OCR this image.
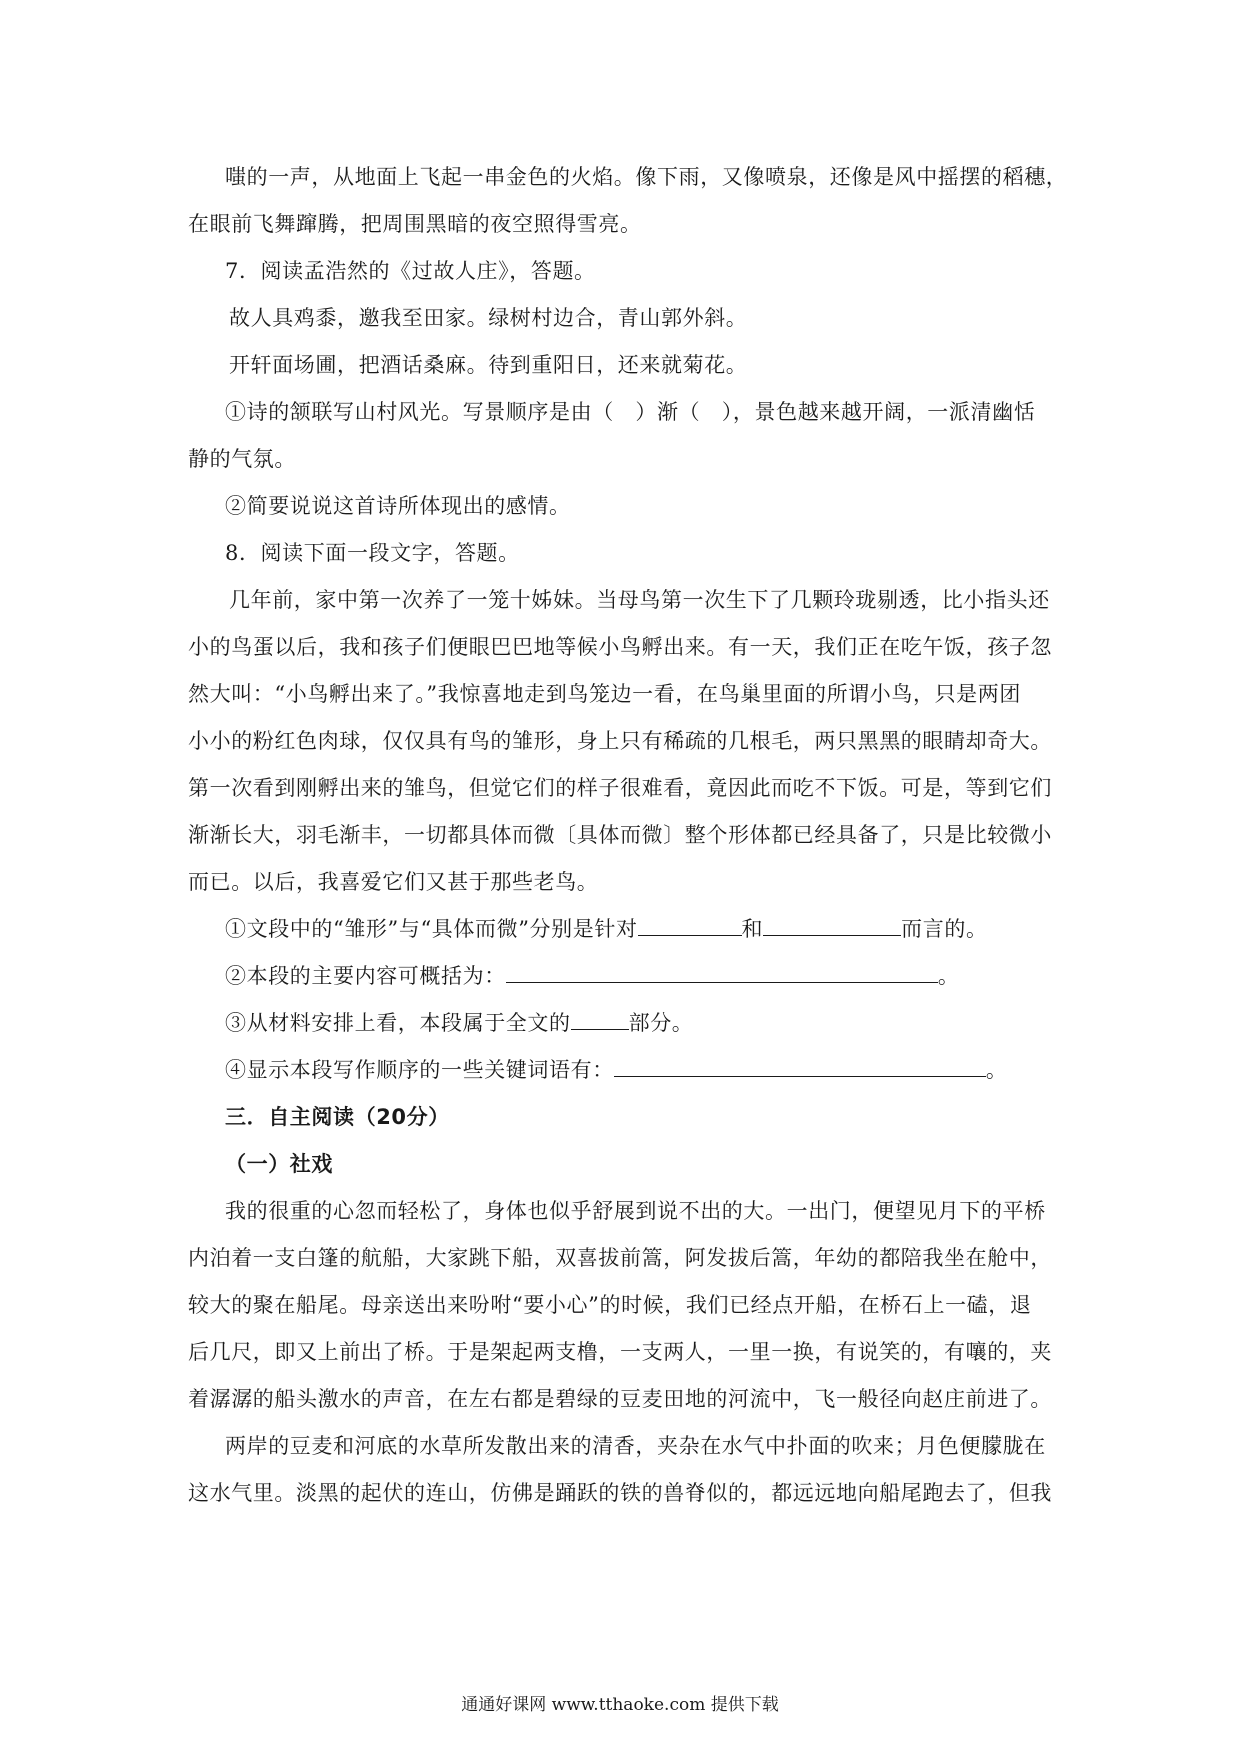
嗤的一声，从地面上飞起一串金色的火焰。像下雨，又像喷泉，还像是风中摇摆的稻穗，
在眼前飞舞蹿腾，把周围黑暗的夜空照得雪亮。
7．阅读孟浩然的《过故人庄》，答题。
故人具鸡黍，邀我至田家。绿树村边合，青山郭外斜。
开轩面场圃，把酒话桑麻。待到重阳日，还来就菊花。
①诗的颔联写山村风光。写景顺序是由（　）渐（　），景色越来越开阔，一派清幽恬
静的气氛。
②简要说说这首诗所体现出的感情。
8．阅读下面一段文字，答题。
几年前，家中第一次养了一笼十姊妹。当母鸟第一次生下了几颗玲珑剔透，比小指头还
小的鸟蛋以后，我和孩子们便眼巴巴地等候小鸟孵出来。有一天，我们正在吃午饭，孩子忽
然大叫：“小鸟孵出来了。”我惊喜地走到鸟笼边一看，在鸟巢里面的所谓小鸟，只是两团
小小的粉红色肉球，仅仅具有鸟的雏形，身上只有稀疏的几根毛，两只黑黑的眼睛却奇大。
第一次看到刚孵出来的雏鸟，但觉它们的样子很难看，竟因此而吃不下饭。可是，等到它们
渐渐长大，羽毛渐丰，一切都具体而微〔具体而微〕整个形体都已经具备了，只是比较微小
而已。以后，我喜爱它们又甚于那些老鸟。
①文段中的“雏形”与“具体而微”分别是针对	和	而言的。
②本段的主要内容可概括为：	。
③从材料安排上看，本段属于全文的	部分。
④显示本段写作顺序的一些关键词语有：	。
三．自主阅读（20分）
（一）社戏
我的很重的心忽而轻松了，身体也似乎舒展到说不出的大。一出门，便望见月下的平桥
内泊着一支白篷的航船，大家跳下船，双喜拔前篙，阿发拔后篙，年幼的都陪我坐在舱中，
较大的聚在船尾。母亲送出来吩咐“要小心”的时候，我们已经点开船，在桥石上一磕，退
后几尺，即又上前出了桥。于是架起两支橹，一支两人，一里一换，有说笑的，有嚷的，夹
着潺潺的船头激水的声音，在左右都是碧绿的豆麦田地的河流中，飞一般径向赵庄前进了。
两岸的豆麦和河底的水草所发散出来的清香，夹杂在水气中扑面的吹来；月色便朦胧在
这水气里。淡黑的起伏的连山，仿佛是踊跃的铁的兽脊似的，都远远地向船尾跑去了，但我
通通好课网 www.tthaoke.com 提供下载
